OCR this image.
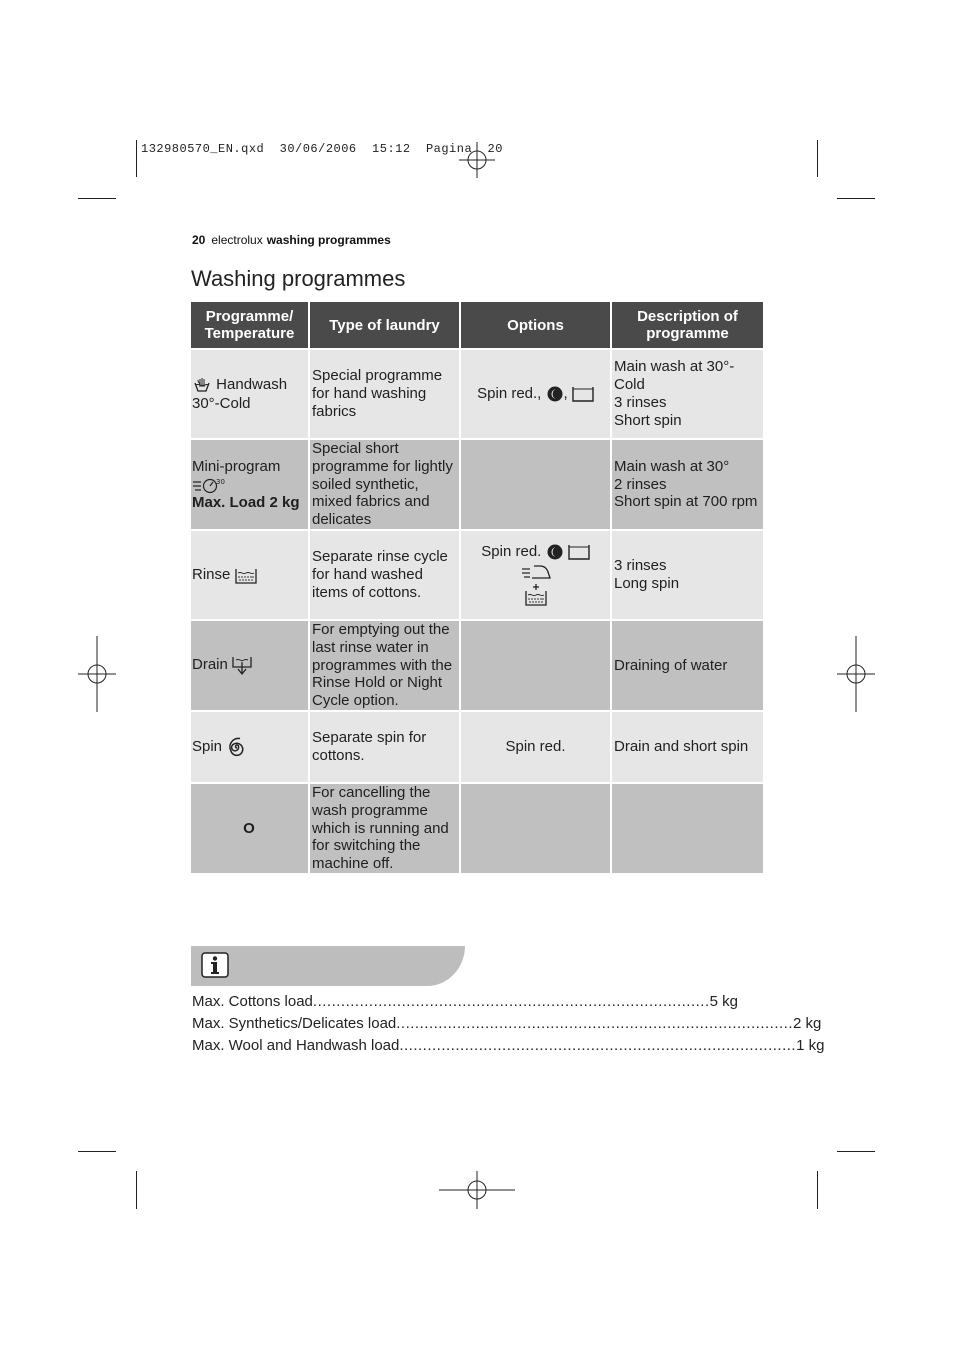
132980570_EN.qxd  30/06/2006  15:12  Pagina  20
20 electrolux washing programmes
Washing programmes
Programme/ Temperature	Type of laundry	Options	Description of programme
Handwash 30°-Cold	Special programme for hand washing fabrics	Spin red., ,	Main wash at 30°-Cold
3 rinses
Short spin
Mini-program
30

Max. Load 2 kg	Special short programme for lightly soiled synthetic, mixed fabrics and delicates		Main wash at 30°
2 rinses
Short spin at 700 rpm
Rinse	Separate rinse cycle for hand washed items of cottons.	Spin red.	3 rinses
Long spin
Drain	For emptying out the last rinse water in programmes with the Rinse Hold or Night Cycle option.		Draining of water
Spin	Separate spin for cottons.	Spin red.	Drain and short spin
O	For cancelling the wash programme which is running and for switching the machine off.		
Max. Cottons load .....	5 kg
Max. Synthetics/Delicates load .....	2 kg
Max. Wool and Handwash load .....	1 kg
